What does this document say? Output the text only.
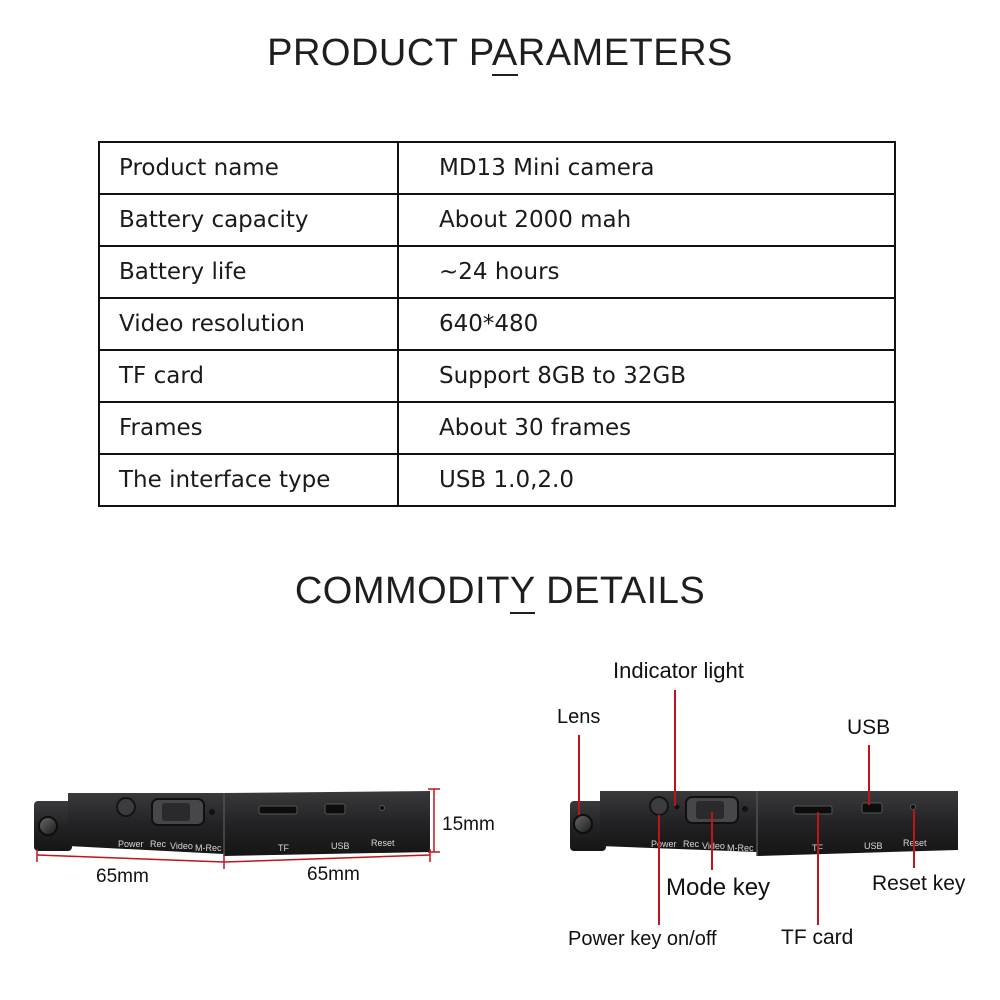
PRODUCT PARAMETERS
Product name	MD13 Mini camera
Battery capacity	About 2000 mah
Battery life	~24 hours
Video resolution	640*480
TF card	Support 8GB to 32GB
Frames	About 30 frames
The interface type	USB 1.0,2.0
COMMODITY DETAILS
Power Rec Video M-Rec	TF	USB Reset
15mm
65mm	65mm
Power Rec Video M-Rec	TF	USB Reset
Indicator light
Lens	USB
Mode key	Reset key
Power key on/off	TF card
